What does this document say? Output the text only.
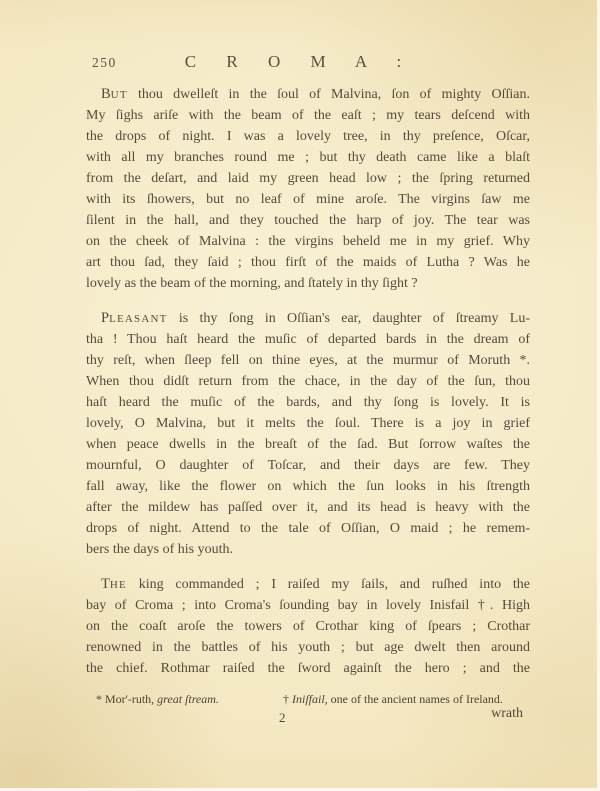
250	C R O M A :
BUT thou dwelleſt in the ſoul of Malvina, ſon of mighty Oſſian.
My ſighs ariſe with the beam of the eaſt ; my tears deſcend with
the drops of night. I was a lovely tree, in thy preſence, Oſcar,
with all my branches round me ; but thy death came like a blaſt
from the deſart, and laid my green head low ; the ſpring returned
with its ſhowers, but no leaf of mine aroſe. The virgins ſaw me
ſilent in the hall, and they touched the harp of joy. The tear was
on the cheek of Malvina : the virgins beheld me in my grief. Why
art thou ſad, they ſaid ; thou firſt of the maids of Lutha ? Was he
lovely as the beam of the morning, and ſtately in thy ſight ?
PLEASANT is thy ſong in Oſſian's ear, daughter of ſtreamy Lu-
tha ! Thou haſt heard the muſic of departed bards in the dream of
thy reſt, when ſleep fell on thine eyes, at the murmur of Moruth *.
When thou didſt return from the chace, in the day of the ſun, thou
haſt heard the muſic of the bards, and thy ſong is lovely. It is
lovely, O Malvina, but it melts the ſoul. There is a joy in grief
when peace dwells in the breaſt of the ſad. But ſorrow waſtes the
mournful, O daughter of Toſcar, and their days are few. They
fall away, like the flower on which the ſun looks in his ſtrength
after the mildew has paſſed over it, and its head is heavy with the
drops of night. Attend to the tale of Oſſian, O maid ; he remem-
bers the days of his youth.
THE king commanded ; I raiſed my ſails, and ruſhed into the
bay of Croma ; into Croma's ſounding bay in lovely Inisfail †. High
on the coaſt aroſe the towers of Crothar king of ſpears ; Crothar
renowned in the battles of his youth ; but age dwelt then around
the chief. Rothmar raiſed the ſword againſt the hero ; and the
* Mor'-ruth, great ſtream.	† Iniſfail, one of the ancient names of Ireland.
2	wrath
